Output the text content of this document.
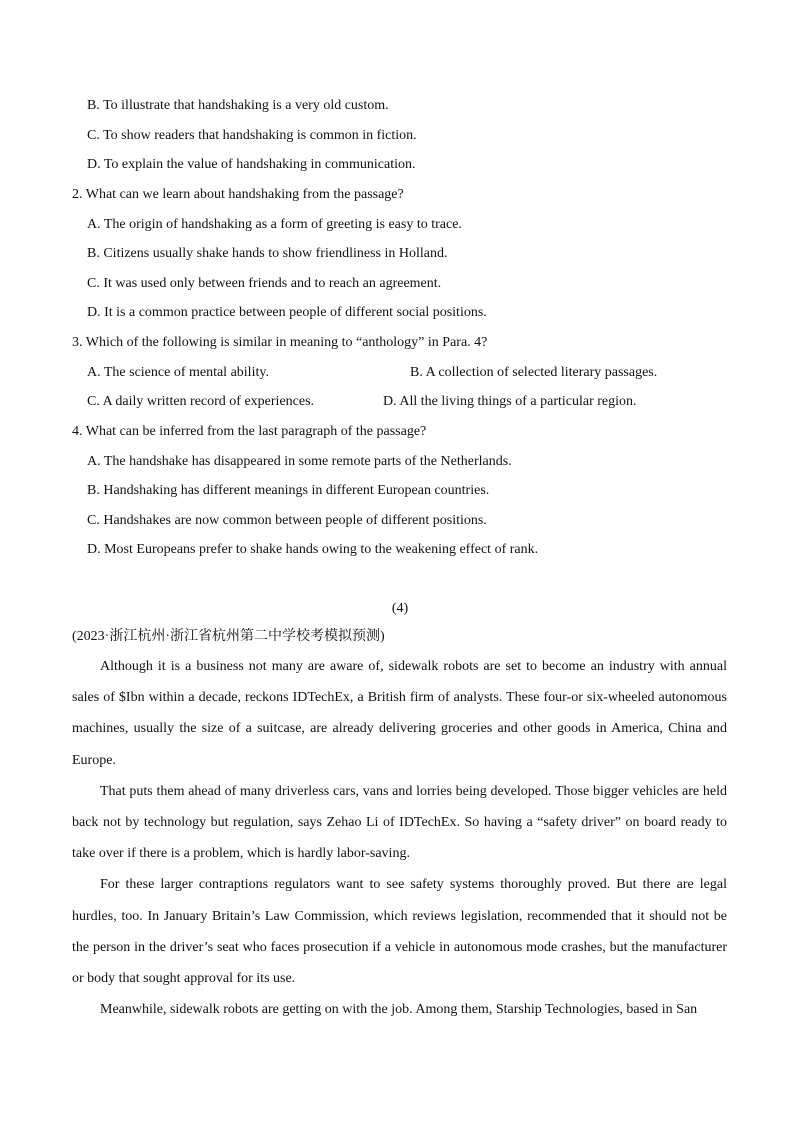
B. To illustrate that handshaking is a very old custom.
C. To show readers that handshaking is common in fiction.
D. To explain the value of handshaking in communication.
2. What can we learn about handshaking from the passage?
A. The origin of handshaking as a form of greeting is easy to trace.
B. Citizens usually shake hands to show friendliness in Holland.
C. It was used only between friends and to reach an agreement.
D. It is a common practice between people of different social positions.
3. Which of the following is similar in meaning to “anthology” in Para. 4?
A. The science of mental ability.	B. A collection of selected literary passages.
C. A daily written record of experiences.	D. All the living things of a particular region.
4. What can be inferred from the last paragraph of the passage?
A. The handshake has disappeared in some remote parts of the Netherlands.
B. Handshaking has different meanings in different European countries.
C. Handshakes are now common between people of different positions.
D. Most Europeans prefer to shake hands owing to the weakening effect of rank.
(4)
(2023·浙江杭州·浙江省杭州第二中学校考模拟预测)

Although it is a business not many are aware of, sidewalk robots are set to become an industry with annual sales of $Ibn within a decade, reckons IDTechEx, a British firm of analysts. These four-or six-wheeled autonomous machines, usually the size of a suitcase, are already delivering groceries and other goods in America, China and Europe.

That puts them ahead of many driverless cars, vans and lorries being developed. Those bigger vehicles are held back not by technology but regulation, says Zehao Li of IDTechEx. So having a “safety driver” on board ready to take over if there is a problem, which is hardly labor-saving.

For these larger contraptions regulators want to see safety systems thoroughly proved. But there are legal hurdles, too. In January Britain’s Law Commission, which reviews legislation, recommended that it should not be the person in the driver’s seat who faces prosecution if a vehicle in autonomous mode crashes, but the manufacturer or body that sought approval for its use.

Meanwhile, sidewalk robots are getting on with the job. Among them, Starship Technologies, based in San
